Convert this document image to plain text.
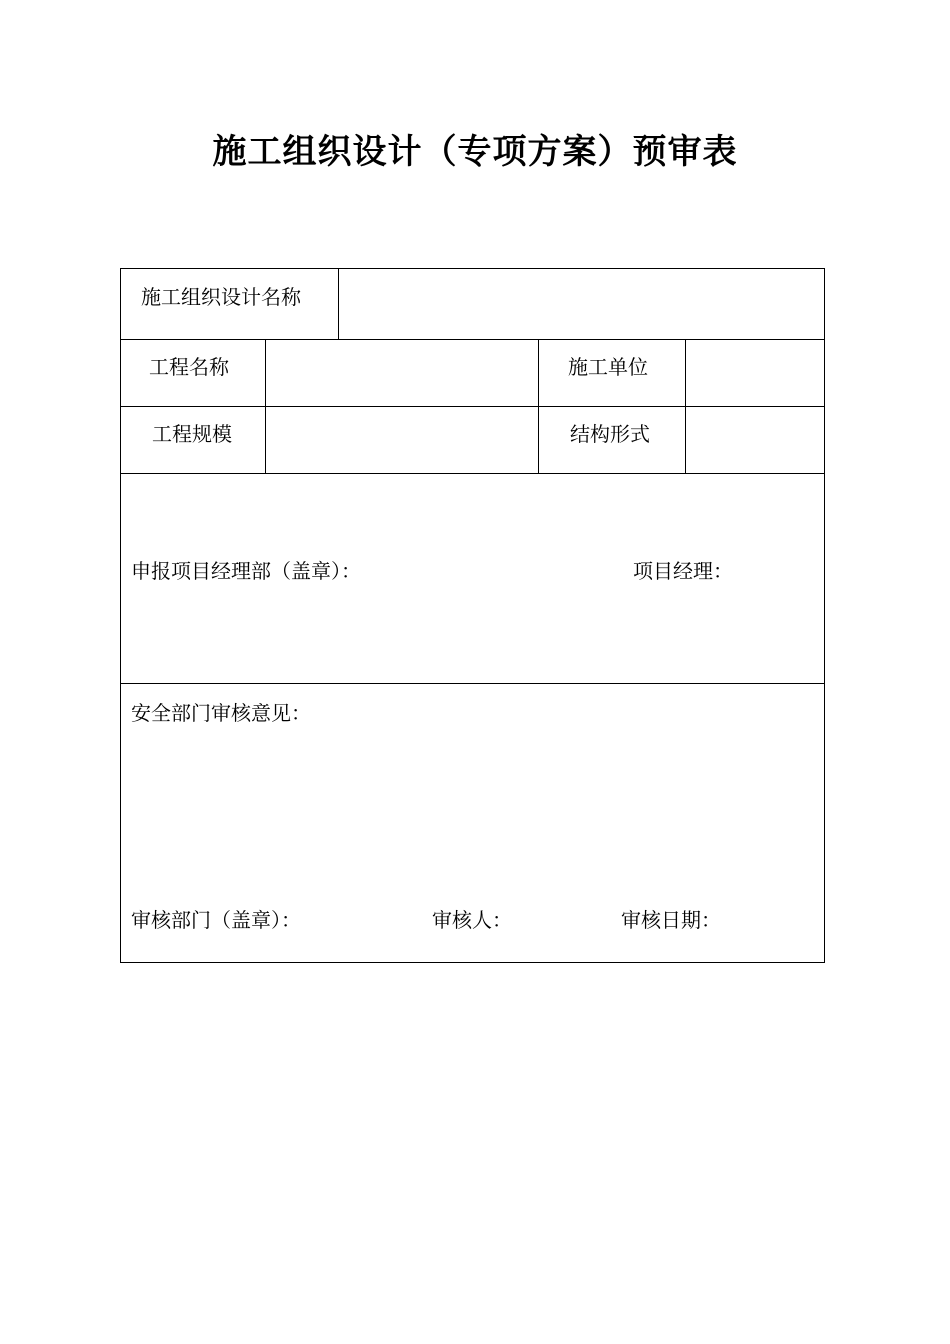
施工组织设计（专项方案）预审表
施工组织设计名称
工程名称	施工单位
工程规模	结构形式
申报项目经理部（盖章）：	项目经理：
安全部门审核意见：
审核部门（盖章）：	审核人：	审核日期：
